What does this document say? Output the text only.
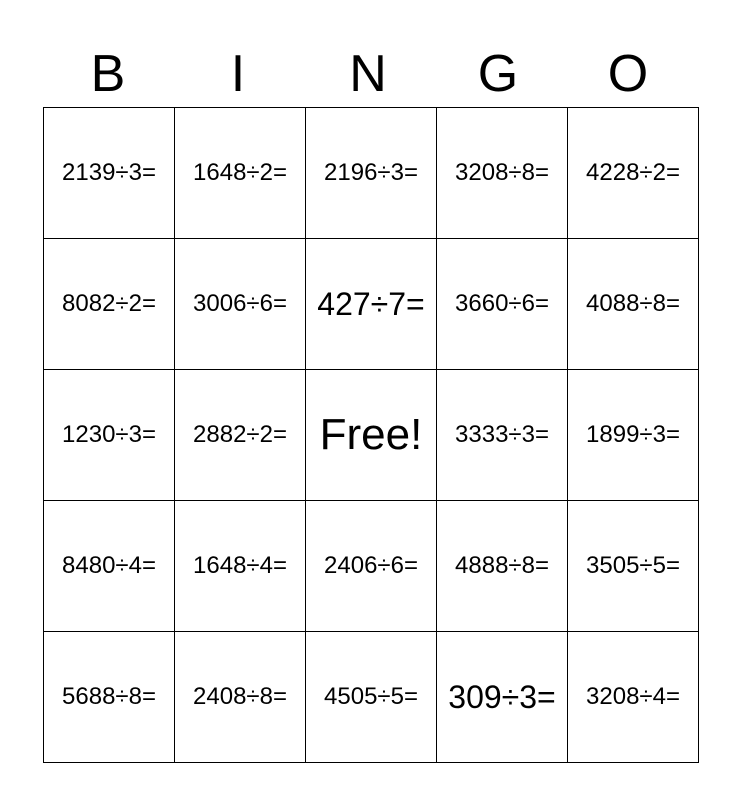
B	I	N	G	O
2139÷3=	1648÷2=	2196÷3=	3208÷8=	4228÷2=
8082÷2=	3006÷6=	427÷7=	3660÷6=	4088÷8=
1230÷3=	2882÷2=	Free!	3333÷3=	1899÷3=
8480÷4=	1648÷4=	2406÷6=	4888÷8=	3505÷5=
5688÷8=	2408÷8=	4505÷5=	309÷3=	3208÷4=
